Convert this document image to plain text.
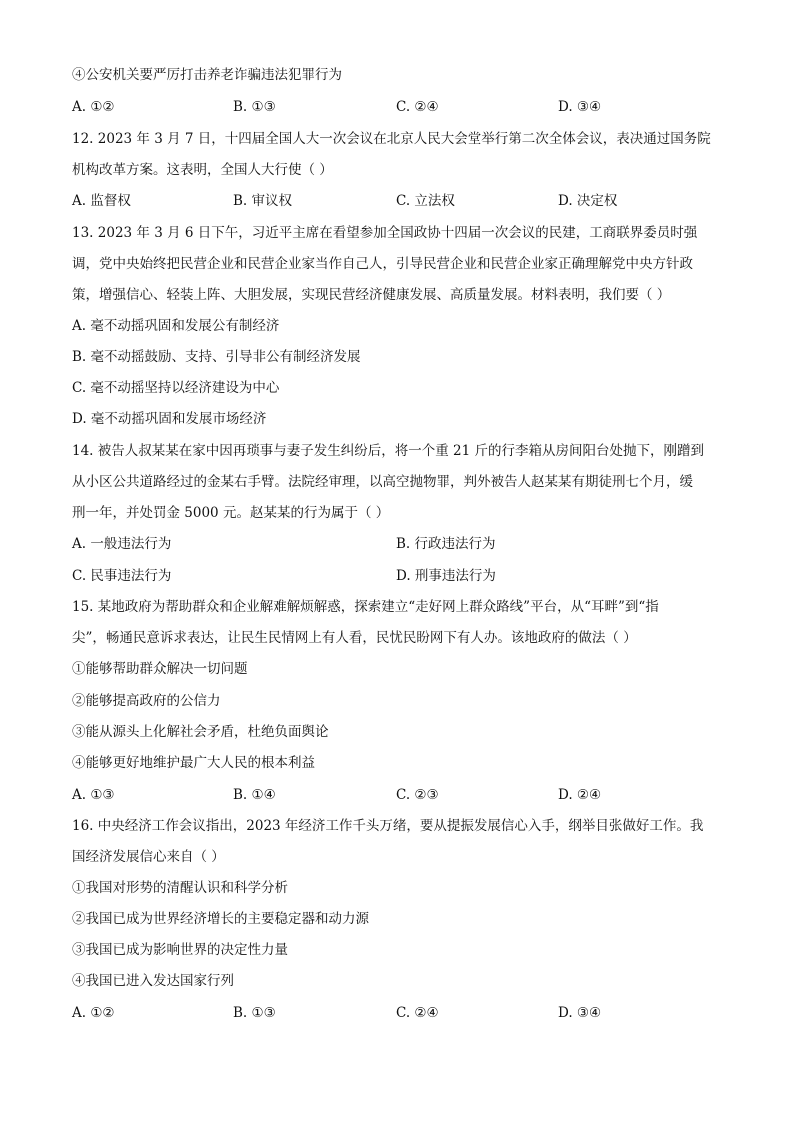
④公安机关要严厉打击养老诈骗违法犯罪行为
A. ①②	B. ①③	C. ②④	D. ③④
12. 2023 年 3 月 7 日，十四届全国人大一次会议在北京人民大会堂举行第二次全体会议，表决通过国务院
机构改革方案。这表明，全国人大行使（ ）
A. 监督权	B. 审议权	C. 立法权	D. 决定权
13. 2023 年 3 月 6 日下午，习近平主席在看望参加全国政协十四届一次会议的民建，工商联界委员时强
调，党中央始终把民营企业和民营企业家当作自己人，引导民营企业和民营企业家正确理解党中央方针政
策，增强信心、轻装上阵、大胆发展，实现民营经济健康发展、高质量发展。材料表明，我们要（ ）
A. 毫不动摇巩固和发展公有制经济
B. 毫不动摇鼓励、支持、引导非公有制经济发展
C. 毫不动摇坚持以经济建设为中心
D. 毫不动摇巩固和发展市场经济
14. 被告人叔某某在家中因再琐事与妻子发生纠纷后，将一个重 21 斤的行李箱从房间阳台处抛下，刚蹭到
从小区公共道路经过的金某右手臂。法院经审理，以高空抛物罪，判外被告人赵某某有期徒刑七个月，缓
刑一年，并处罚金 5000 元。赵某某的行为属于（ ）
A. 一般违法行为	B. 行政违法行为
C. 民事违法行为	D. 刑事违法行为
15. 某地政府为帮助群众和企业解难解烦解惑，探索建立“走好网上群众路线”平台，从“耳畔”到“指
尖”，畅通民意诉求表达，让民生民情网上有人看，民忧民盼网下有人办。该地政府的做法（ ）
①能够帮助群众解决一切问题
②能够提高政府的公信力
③能从源头上化解社会矛盾，杜绝负面舆论
④能够更好地维护最广大人民的根本利益
A. ①③	B. ①④	C. ②③	D. ②④
16. 中央经济工作会议指出，2023 年经济工作千头万绪，要从提振发展信心入手，纲举目张做好工作。我
国经济发展信心来自（ ）
①我国对形势的清醒认识和科学分析
②我国已成为世界经济增长的主要稳定器和动力源
③我国已成为影响世界的决定性力量
④我国已进入发达国家行列
A. ①②	B. ①③	C. ②④	D. ③④
